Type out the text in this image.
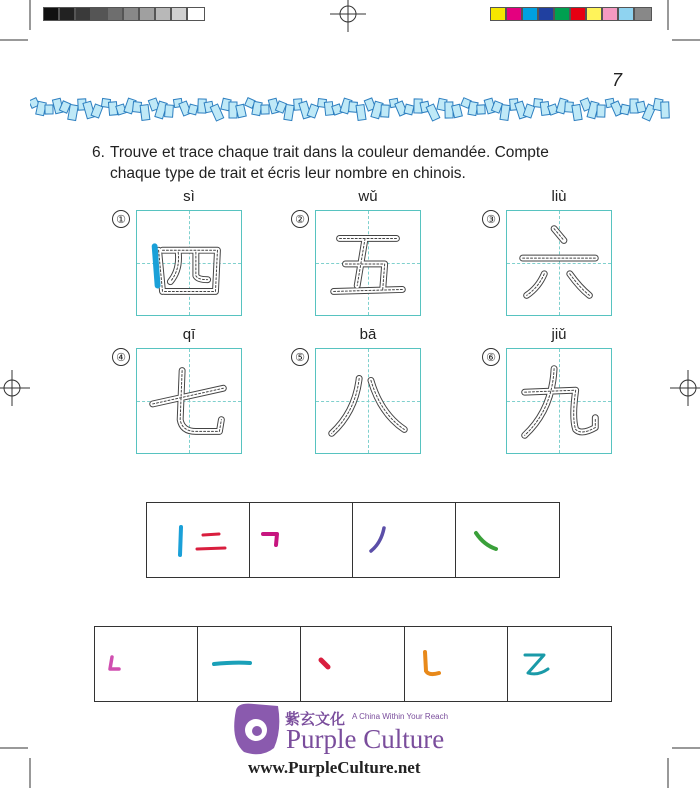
7
6. Trouve et trace chaque trait dans la couleur demandée. Compte
chaque type de trait et écris leur nombre en chinois.
sì
①
wǔ
②
liù
③
qī
④
bā
⑤
jiǔ
⑥
紫玄文化 A China Within Your Reach
Purple Culture
www.PurpleCulture.net
